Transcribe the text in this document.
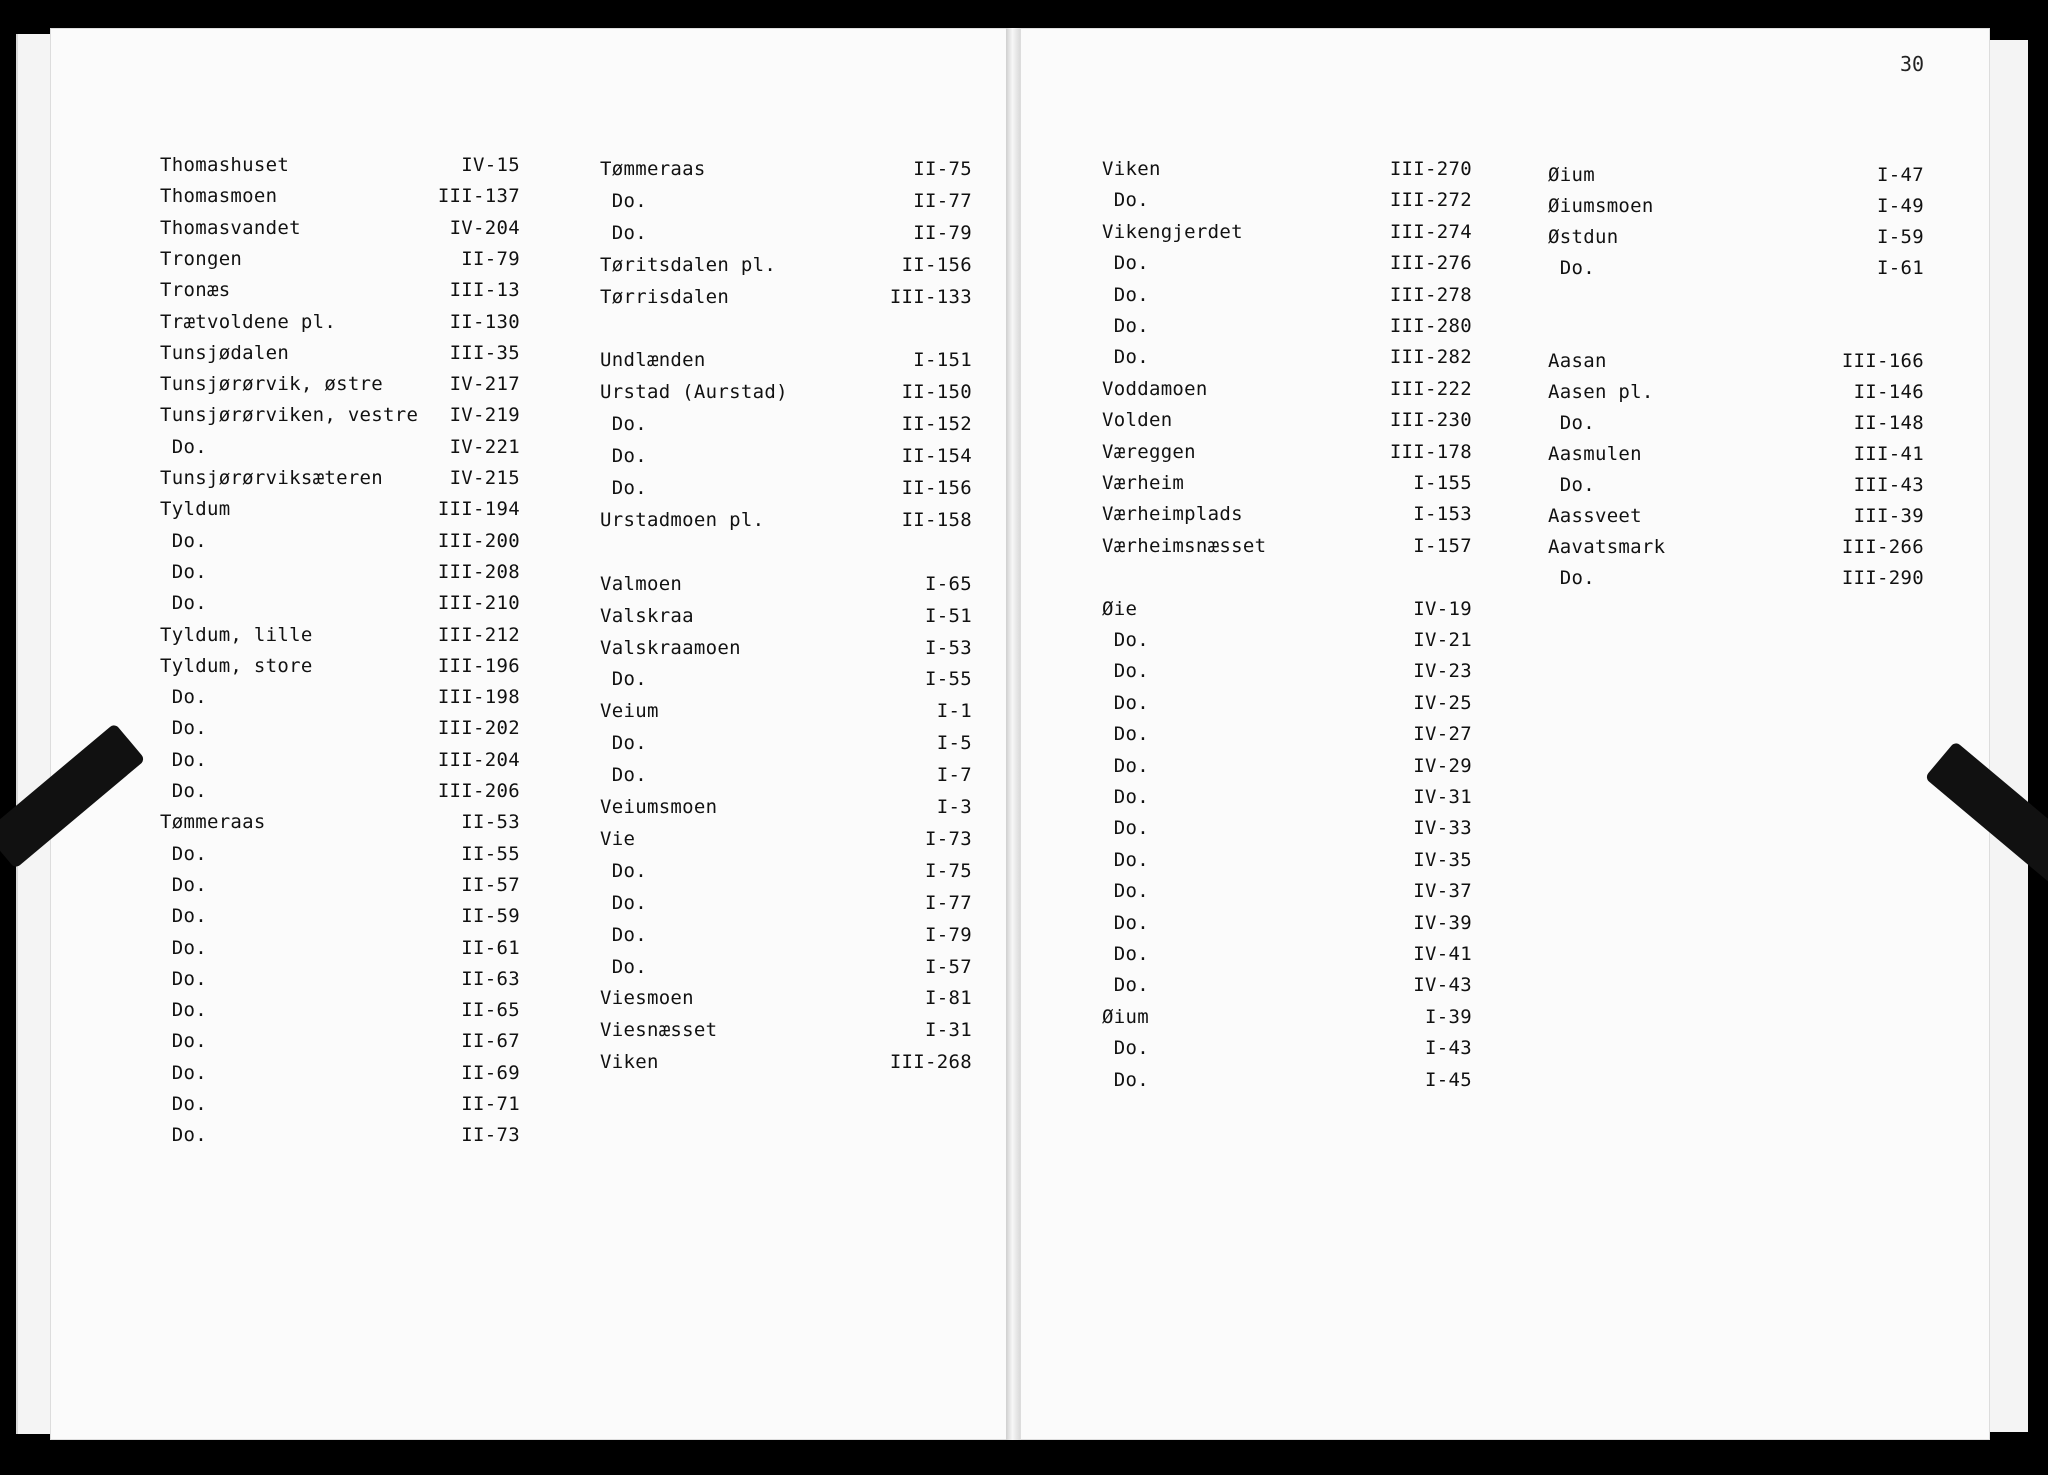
30
Thomashuset	IV-15
Thomasmoen	III-137
Thomasvandet	IV-204
Trongen	II-79
Tronæs	III-13
Trætvoldene pl.	II-130
Tunsjødalen	III-35
Tunsjørørvik, østre	IV-217
Tunsjørørviken, vestre IV-219
Do.	IV-221
Tunsjørørviksæteren	IV-215
Tyldum	III-194
Do.	III-200
Do.	III-208
Do.	III-210
Tyldum, lille	III-212
Tyldum, store	III-196
Do.	III-198
Do.	III-202
Do.	III-204
Do.	III-206
Tømmeraas	II-53
Do.	II-55
Do.	II-57
Do.	II-59
Do.	II-61
Do.	II-63
Do.	II-65
Do.	II-67
Do.	II-69
Do.	II-71
Do.	II-73
Tømmeraas	II-75
Do.	II-77
Do.	II-79
Tøritsdalen pl.	II-156
Tørrisdalen	III-133
Undlænden	I-151
Urstad (Aurstad)	II-150
Do.	II-152
Do.	II-154
Do.	II-156
Urstadmoen pl.	II-158
Valmoen	I-65
Valskraa	I-51
Valskraamoen	I-53
Do.	I-55
Veium	I-1
Do.	I-5
Do.	I-7
Veiumsmoen	I-3
Vie	I-73
Do.	I-75
Do.	I-77
Do.	I-79
Do.	I-57
Viesmoen	I-81
Viesnæsset	I-31
Viken	III-268
Viken	III-270
Do.	III-272
Vikengjerdet	III-274
Do.	III-276
Do.	III-278
Do.	III-280
Do.	III-282
Voddamoen	III-222
Volden	III-230
Væreggen	III-178
Værheim	I-155
Værheimplads	I-153
Værheimsnæsset	I-157
Øie	IV-19
Do.	IV-21
Do.	IV-23
Do.	IV-25
Do.	IV-27
Do.	IV-29
Do.	IV-31
Do.	IV-33
Do.	IV-35
Do.	IV-37
Do.	IV-39
Do.	IV-41
Do.	IV-43
Øium	I-39
Do.	I-43
Do.	I-45
Øium	I-47
Øiumsmoen	I-49
Østdun	I-59
Do.	I-61
Aasan	III-166
Aasen pl.	II-146
Do.	II-148
Aasmulen	III-41
Do.	III-43
Aassveet	III-39
Aavatsmark	III-266
Do.	III-290
